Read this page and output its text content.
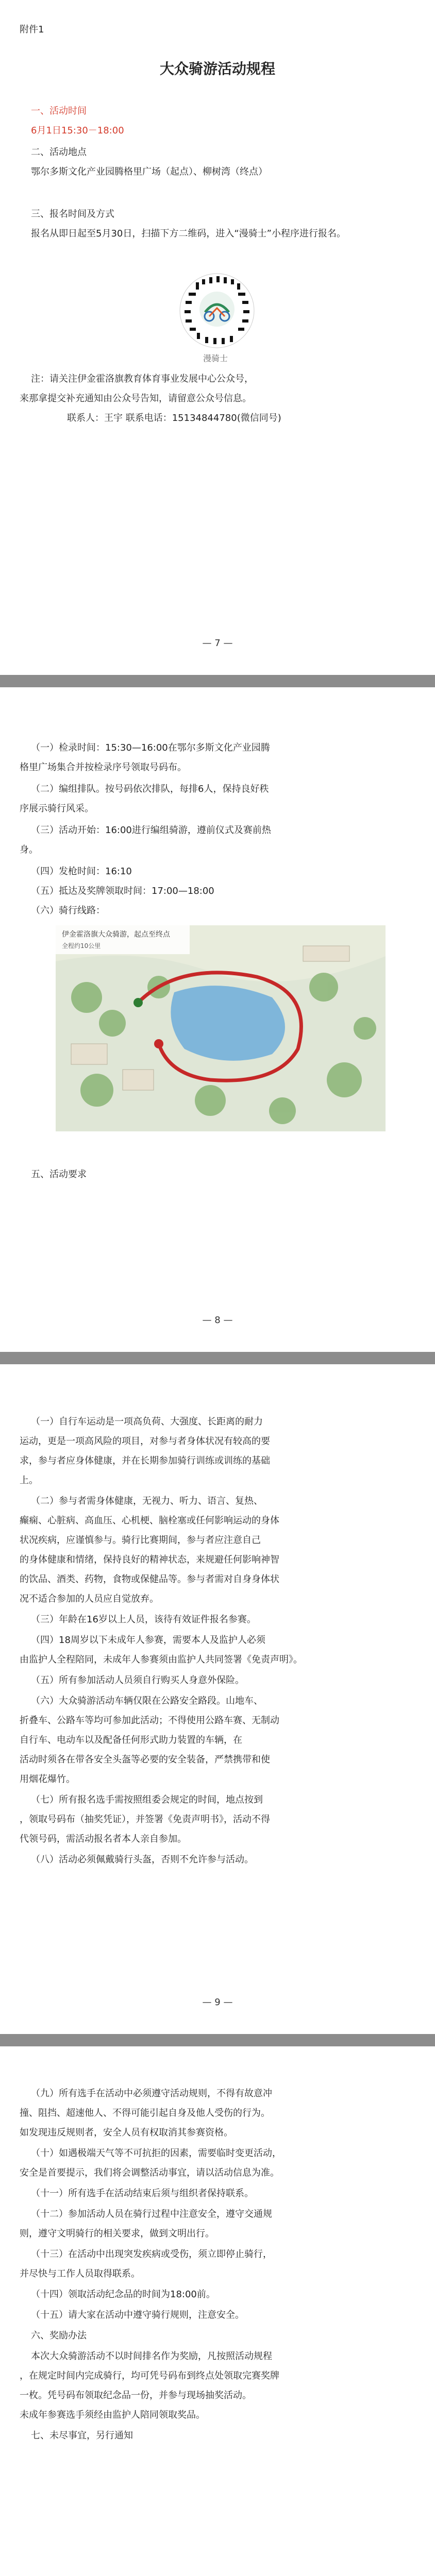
附件1

大众骑游活动规程

一、活动时间

6月1日15:30－18:00

二、活动地点

鄂尔多斯文化产业园腾格里广场（起点）、柳树湾（终点）

三、报名时间及方式

报名从即日起至5月30日，扫描下方二维码，进入“漫骑士”小程序进行报名。

漫骑士

注：请关注伊金霍洛旗教育体育事业发展中心公众号，

来那拿提交补充通知由公众号告知，请留意公众号信息。

联系人：王宇 联系电话：15134844780(微信同号)

— 7 —

（一）检录时间：15:30—16:00在鄂尔多斯文化产业园腾

格里广场集合并按检录序号领取号码布。

（二）编组排队。按号码依次排队，每排6人，保持良好秩

序展示骑行风采。

（三）活动开始：16:00进行编组骑游，遵前仪式及赛前热

身。

（四）发枪时间：16:10

（五）抵达及奖牌领取时间：17:00—18:00

（六）骑行线路：

伊金霍洛旗大众骑游，起点至终点
全程约10公里

五、活动要求

— 8 —

（一）自行车运动是一项高负荷、大强度、长距离的耐力

运动，更是一项高风险的项目，对参与者身体状况有较高的要

求，参与者应身体健康，并在长期参加骑行训练或训练的基础

上。

（二）参与者需身体健康，无视力、听力、语言、复热、

癫痫、心脏病、高血压、心机梗、脑栓塞或任何影响运动的身体

状况疾病，应谨慎参与。骑行比赛期间，参与者应注意自己

的身体健康和情绪，保持良好的精神状态，来规避任何影响神智

的饮品、酒类、药物，食物或保健品等。参与者需对自身身体状

况不适合参加的人员应自觉放弃。

（三）年龄在16岁以上人员，该待有效证件报名参赛。

（四）18周岁以下未成年人参赛，需要本人及监护人必须

由监护人全程陪同，未成年人参赛须由监护人共同签署《免责声明》。

（五）所有参加活动人员须自行购买人身意外保险。

（六）大众骑游活动车辆仅限在公路安全路段。山地车、

折叠车、公路车等均可参加此活动；不得使用公路车赛、无制动

自行车、电动车以及配备任何形式助力装置的车辆，在

活动时须各在带各安全头盔等必要的安全装备，严禁携带和使

用烟花爆竹。

（七）所有报名选手需按照组委会规定的时间，地点按到

，领取号码布（抽奖凭证），并签署《免责声明书》，活动不得

代领号码，需活动报名者本人亲自参加。

（八）活动必须佩戴骑行头盔，否则不允许参与活动。

— 9 —

（九）所有选手在活动中必须遵守活动规则，不得有故意冲

撞、阻挡、超速他人、不得可能引起自身及他人受伤的行为。

如发现违反规则者，安全人员有权取消其参赛资格。

（十）如遇极端天气等不可抗拒的因素，需要临时变更活动，

安全是首要提示，我们将会调整活动事宜，请以活动信息为准。

（十一）所有选手在活动结束后须与组织者保持联系。

（十二）参加活动人员在骑行过程中注意安全，遵守交通规

则，遵守文明骑行的相关要求，做到文明出行。

（十三）在活动中出现突发疾病或受伤，须立即停止骑行，

并尽快与工作人员取得联系。

（十四）领取活动纪念品的时间为18:00前。

（十五）请大家在活动中遵守骑行规则，注意安全。

六、奖励办法

本次大众骑游活动不以时间排名作为奖励，凡按照活动规程

，在规定时间内完成骑行，均可凭号码布到终点处领取完赛奖牌

一枚。凭号码布领取纪念品一份，并参与现场抽奖活动。

未成年参赛选手须经由监护人陪同领取奖品。

七、未尽事宜，另行通知
